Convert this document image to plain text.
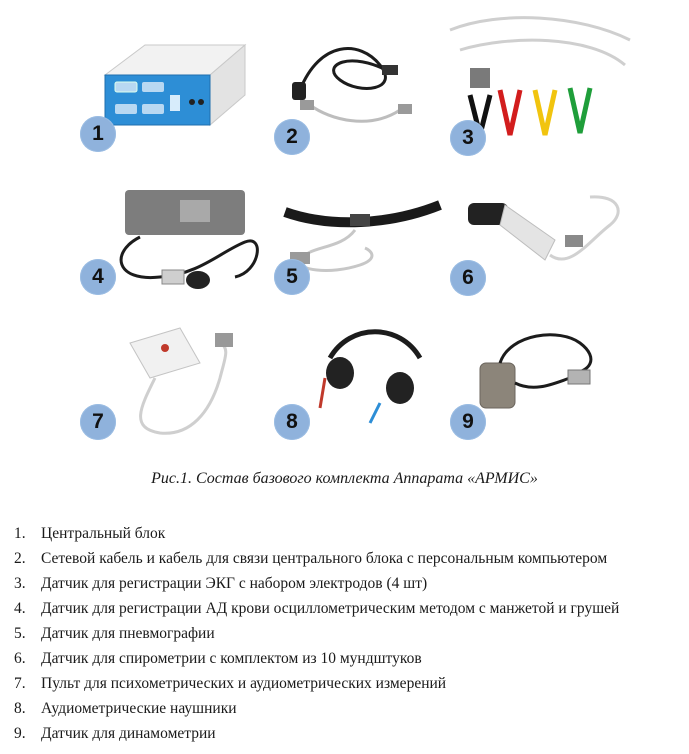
1	2	3
4	5	6
7	8	9
Рис.1. Состав базового комплекта Аппарата «АРМИС»
1. Центральный блок
2. Сетевой кабель и кабель для связи центрального блока с персональным компьютером
3. Датчик для регистрации ЭКГ с набором электродов (4 шт)
4. Датчик для регистрации АД крови осциллометрическим методом с манжетой и грушей
5. Датчик для пневмографии
6. Датчик для спирометрии с комплектом из 10 мундштуков
7. Пульт для психометрических и аудиометрических измерений
8. Аудиометрические наушники
9. Датчик для динамометрии
